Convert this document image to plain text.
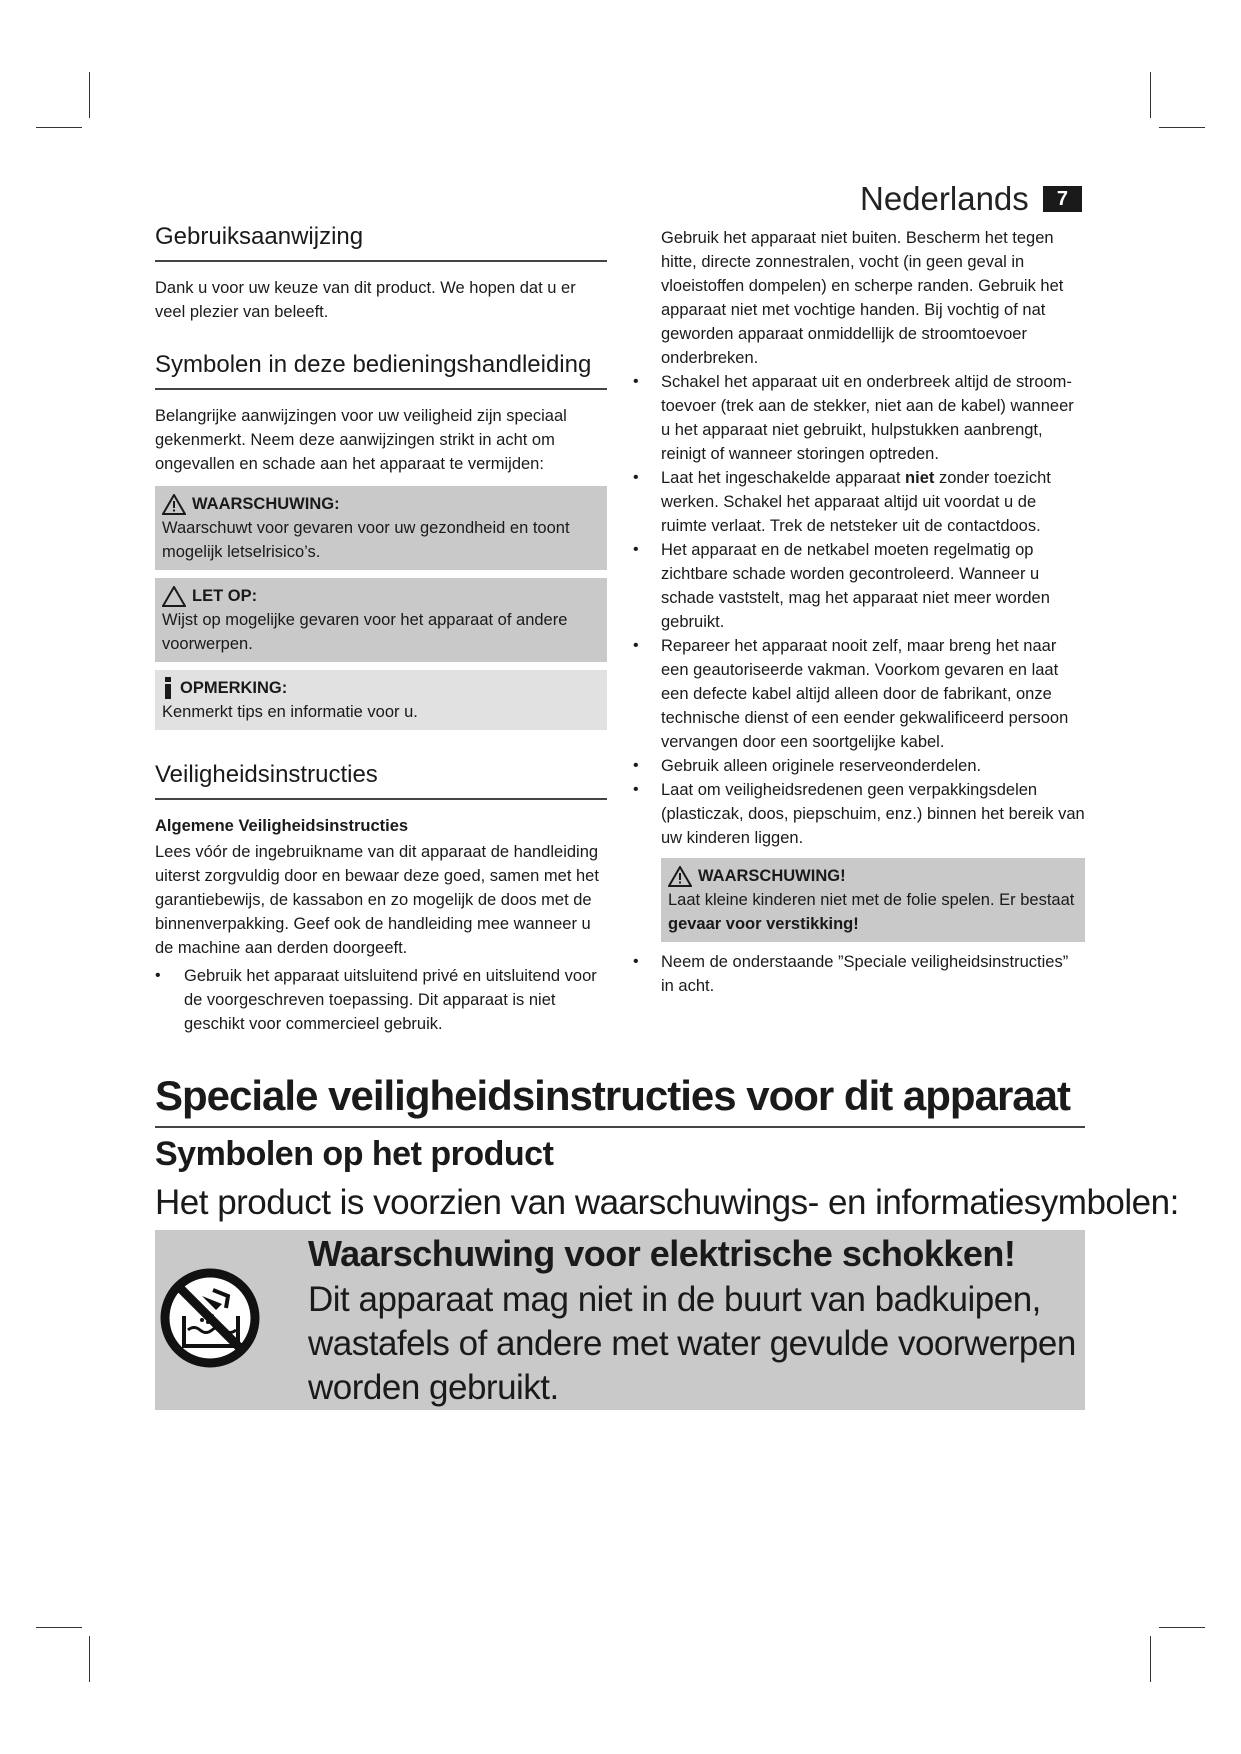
Nederlands	7
Gebruiksaanwijzing

Dank u voor uw keuze van dit product. We hopen dat u er veel plezier van beleeft.

Symbolen in deze bedieningshandleiding

Belangrijke aanwijzingen voor uw veiligheid zijn speciaal gekenmerkt. Neem deze aanwijzingen strikt in acht om ongevallen en schade aan het apparaat te vermijden:

WAARSCHUWING:
Waarschuwt voor gevaren voor uw gezondheid en toont mogelijk letselrisico’s.
LET OP:
Wijst op mogelijke gevaren voor het apparaat of andere voorwerpen.
OPMERKING:
Kenmerkt tips en informatie voor u.
Veiligheidsinstructies
Algemene Veiligheidsinstructies

Lees vóór de ingebruikname van dit apparaat de handleiding uiterst zorgvuldig door en bewaar deze goed, samen met het garantiebewijs, de kassabon en zo mogelijk de doos met de binnenverpakking. Geef ook de handleiding mee wanneer u de machine aan derden doorgeeft.

• Gebruik het apparaat uitsluitend privé en uitsluitend voor de voorgeschreven toepassing. Dit apparaat is niet geschikt voor commercieel gebruik.

Gebruik het apparaat niet buiten. Bescherm het tegen hitte, directe zonnestralen, vocht (in geen geval in vloeistoffen dompelen) en scherpe randen. Gebruik het apparaat niet met vochtige handen. Bij vochtig of nat geworden apparaat onmiddellijk de stroomtoevoer onderbreken.

• Schakel het apparaat uit en onderbreek altijd de stroomtoevoer (trek aan de stekker, niet aan de kabel) wanneer u het apparaat niet gebruikt, hulpstukken aanbrengt, reinigt of wanneer storingen optreden.
• Laat het ingeschakelde apparaat niet zonder toezicht werken. Schakel het apparaat altijd uit voordat u de ruimte verlaat. Trek de netsteker uit de contactdoos.
• Het apparaat en de netkabel moeten regelmatig op zichtbare schade worden gecontroleerd. Wanneer u schade vaststelt, mag het apparaat niet meer worden gebruikt.
• Repareer het apparaat nooit zelf, maar breng het naar een geautoriseerde vakman. Voorkom gevaren en laat een defecte kabel altijd alleen door de fabrikant, onze technische dienst of een eender gekwalificeerd persoon vervangen door een soortgelijke kabel.
• Gebruik alleen originele reserveonderdelen.
• Laat om veiligheidsredenen geen verpakkingsdelen (plasticzak, doos, piepschuim, enz.) binnen het bereik van uw kinderen liggen.
WAARSCHUWING!
Laat kleine kinderen niet met de folie spelen. Er bestaat
gevaar voor verstikking!
• Neem de onderstaande ”Speciale veiligheidsinstructies” in acht.
Speciale veiligheidsinstructies voor dit apparaat
Symbolen op het product
Het product is voorzien van waarschuwings- en informatiesymbolen:
Waarschuwing voor elektrische schokken!
Dit apparaat mag niet in de buurt van badkuipen, wastafels of andere met water gevulde voorwerpen worden gebruikt.
